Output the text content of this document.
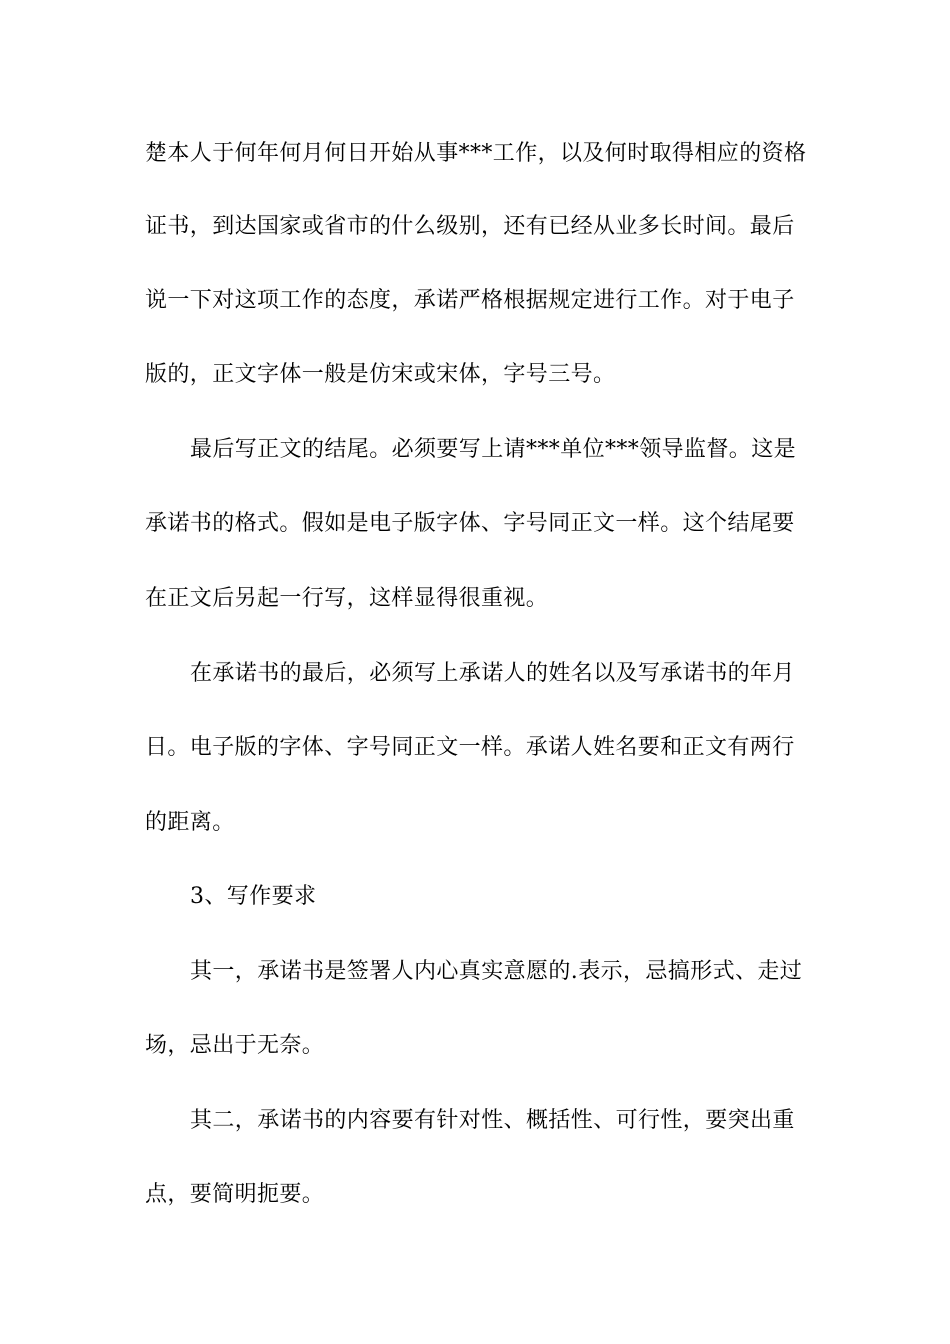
楚本人于何年何月何日开始从事***工作，以及何时取得相应的资格
证书，到达国家或省市的什么级别，还有已经从业多长时间。最后
说一下对这项工作的态度，承诺严格根据规定进行工作。对于电子
版的，正文字体一般是仿宋或宋体，字号三号。
最后写正文的结尾。必须要写上请***单位***领导监督。这是
承诺书的格式。假如是电子版字体、字号同正文一样。这个结尾要
在正文后另起一行写，这样显得很重视。
在承诺书的最后，必须写上承诺人的姓名以及写承诺书的年月
日。电子版的字体、字号同正文一样。承诺人姓名要和正文有两行
的距离。
3、写作要求
其一，承诺书是签署人内心真实意愿的.表示，忌搞形式、走过
场，忌出于无奈。
其二，承诺书的内容要有针对性、概括性、可行性，要突出重
点，要简明扼要。
